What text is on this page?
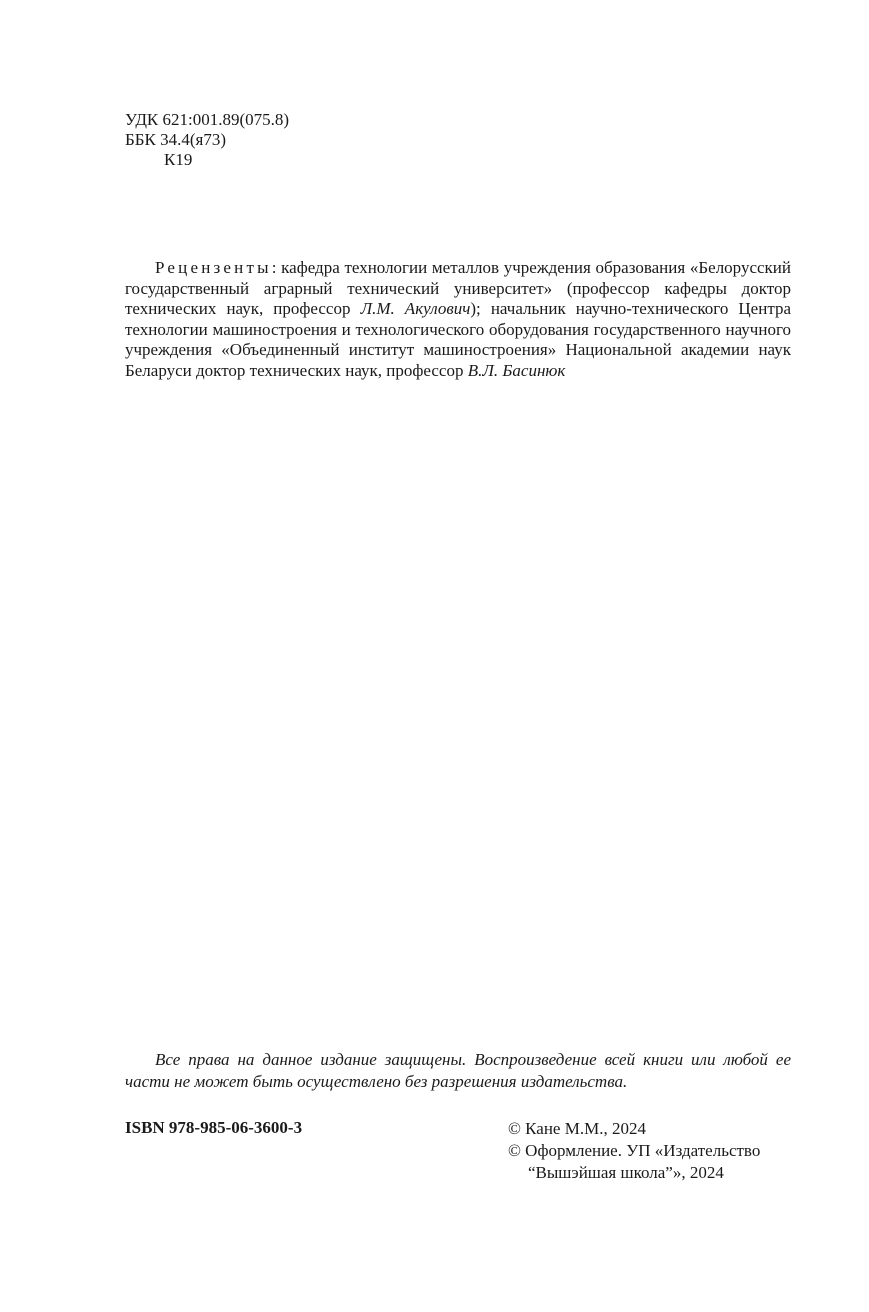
УДК 621:001.89(075.8)
ББК 34.4(я73)
К19
Рецензенты: кафедра технологии металлов учреждения образования «Белорусский государственный аграрный технический университет» (профессор кафедры доктор технических наук, профессор Л.М. Акулович); начальник научно-технического Центра технологии машиностроения и технологического оборудования государственного научного учреждения «Объединенный институт машиностроения» Национальной академии наук Беларуси доктор технических наук, профессор В.Л. Басинюк
Все права на данное издание защищены. Воспроизведение всей книги или любой ее части не может быть осуществлено без разрешения издательства.
ISBN 978-985-06-3600-3	© Кане М.М., 2024
© Оформление. УП «Издательство
“Вышэйшая школа”», 2024
